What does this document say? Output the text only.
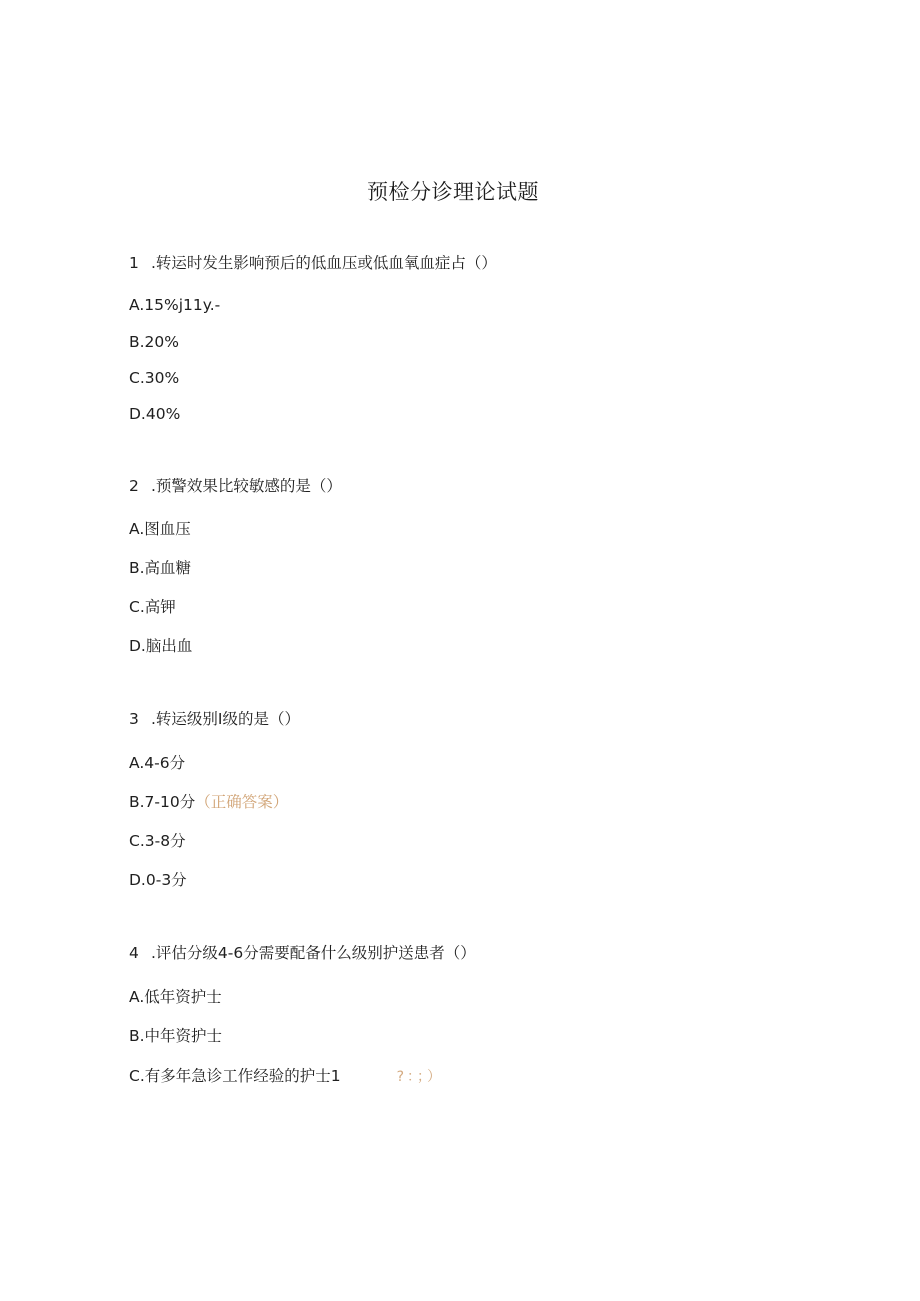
预检分诊理论试题
1 .转运时发生影响预后的低血压或低血氧血症占（）
A.15%j​11y.-
B.20%
C.30%
D.40%
2 .预警效果比较敏感的是（）
A.图血压
B.高血糖
C.高钾
D.脑出血
3 .转运级别I级的是（）
A.4-6分
B.7-10分（正确答案）
C.3-8分
D.0-3分
4 .评估分级4-6分需要配备什么级别护送患者（）
A.低年资护士
B.中年资护士
C.有多年急诊工作经验的护士1	?：；）
